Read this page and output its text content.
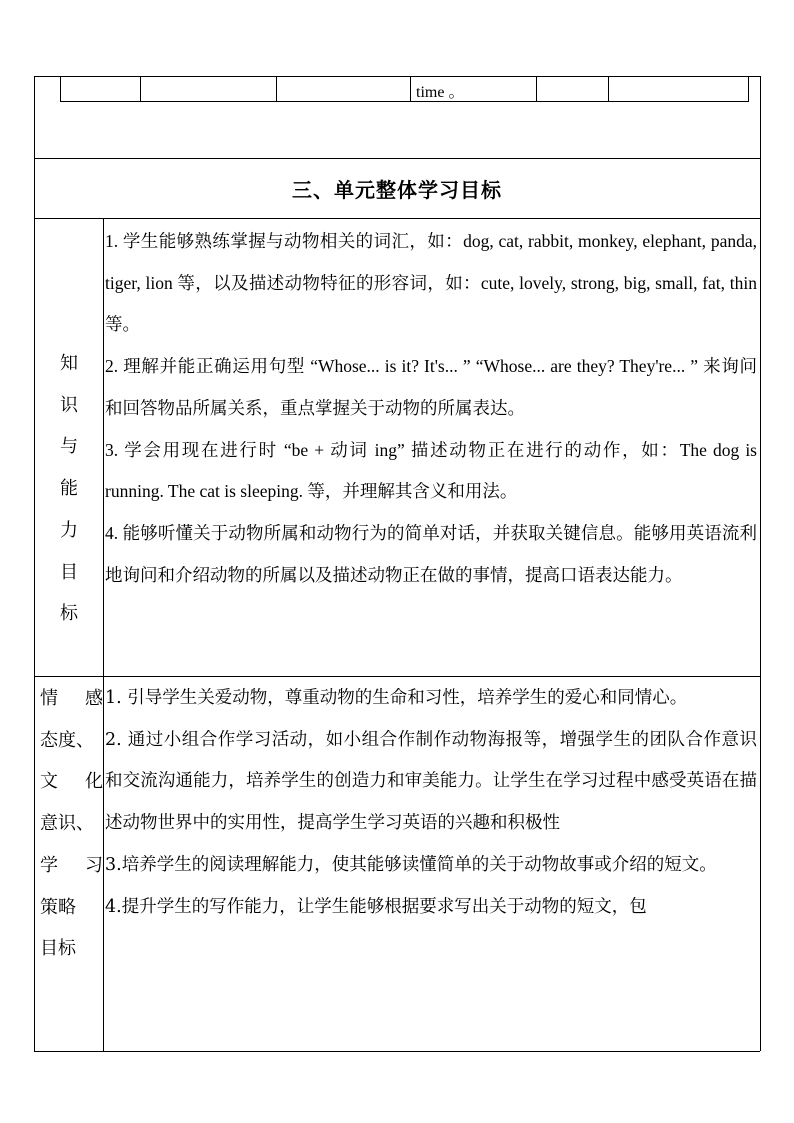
time 。
三、单元整体学习目标
知
识
与
能
力
目
标

1. 学生能够熟练掌握与动物相关的词汇，如：dog, cat, rabbit, monkey, elephant, panda, tiger, lion 等，以及描述动物特征的形容词，如：cute, lovely, strong, big, small, fat, thin 等。

2. 理解并能正确运用句型 “Whose... is it? It's... ” “Whose... are they? They're... ” 来询问和回答物品所属关系，重点掌握关于动物的所属表达。

3. 学会用现在进行时 “be + 动词 ing” 描述动物正在进行的动作，如：The dog is running. The cat is sleeping. 等，并理解其含义和用法。

4. 能够听懂关于动物所属和动物行为的简单对话，并获取关键信息。能够用英语流利地询问和介绍动物的所属以及描述动物正在做的事情，提高口语表达能力。

情 感
态度、
文 化
意识、
学 习
策略
目标

1. 引导学生关爱动物，尊重动物的生命和习性，培养学生的爱心和同情心。

2. 通过小组合作学习活动，如小组合作制作动物海报等，增强学生的团队合作意识和交流沟通能力，培养学生的创造力和审美能力。让学生在学习过程中感受英语在描述动物世界中的实用性，提高学生学习英语的兴趣和积极性

3.培养学生的阅读理解能力，使其能够读懂简单的关于动物故事或介绍的短文。

4.提升学生的写作能力，让学生能够根据要求写出关于动物的短文，包
